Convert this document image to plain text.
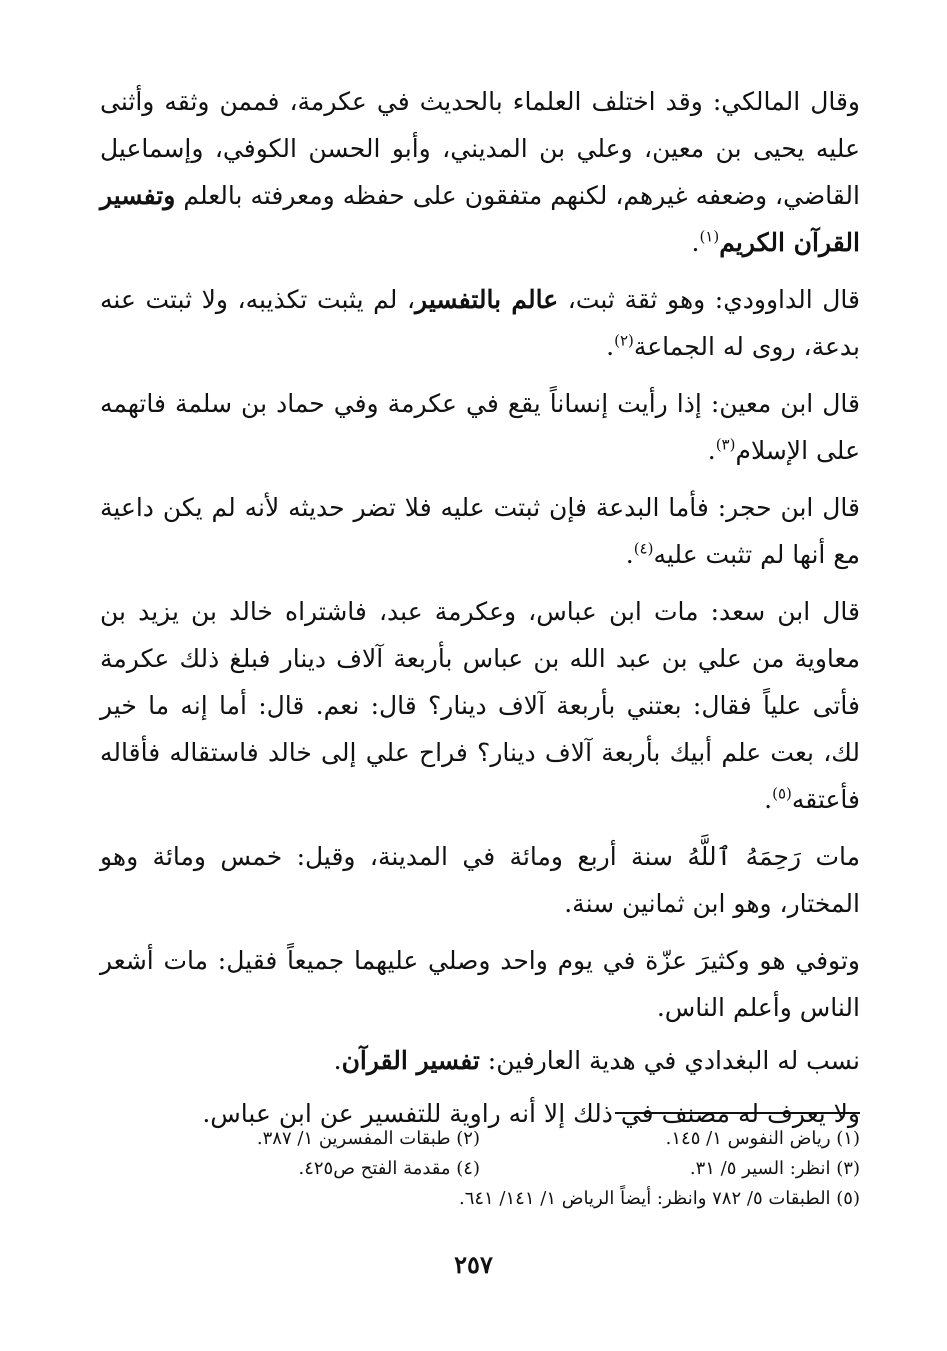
وقال المالكي: وقد اختلف العلماء بالحديث في عكرمة، فممن وثقه وأثنى عليه يحيى بن معين، وعلي بن المديني، وأبو الحسن الكوفي، وإسماعيل القاضي، وضعفه غيرهم، لكنهم متفقون على حفظه ومعرفته بالعلم وتفسير القرآن الكريم$^{(١)}$.

قال الداوودي: وهو ثقة ثبت، عالم بالتفسير، لم يثبت تكذيبه، ولا ثبتت عنه بدعة، روى له الجماعة$^{(٢)}$.

قال ابن معين: إذا رأيت إنساناً يقع في عكرمة وفي حماد بن سلمة فاتهمه على الإسلام$^{(٣)}$.

قال ابن حجر: فأما البدعة فإن ثبتت عليه فلا تضر حديثه لأنه لم يكن داعية مع أنها لم تثبت عليه$^{(٤)}$.

قال ابن سعد: مات ابن عباس، وعكرمة عبد، فاشتراه خالد بن يزيد بن معاوية من علي بن عبد الله بن عباس بأربعة آلاف دينار فبلغ ذلك عكرمة فأتى علياً فقال: بعتني بأربعة آلاف دينار؟ قال: نعم. قال: أما إنه ما خير لك، بعت علم أبيك بأربعة آلاف دينار؟ فراح علي إلى خالد فاستقاله فأقاله فأعتقه$^{(٥)}$.

مات رَحِمَهُ ٱللَّهُ سنة أربع ومائة في المدينة، وقيل: خمس ومائة وهو المختار، وهو ابن ثمانين سنة.

وتوفي هو وكثيرَ عزّة في يوم واحد وصلي عليهما جميعاً فقيل: مات أشعر الناس وأعلم الناس.

نسب له البغدادي في هدية العارفين: تفسير القرآن.

ولا يعرف له مصنف في ذلك إلا أنه راوية للتفسير عن ابن عباس.

(١) رياض النفوس ١/ ١٤٥.
(٢) طبقات المفسرين ١/ ٣٨٧.
(٣) انظر: السير ٥/ ٣١.
(٤) مقدمة الفتح ص٤٢٥.
(٥) الطبقات ٥/ ٧٨٢ وانظر: أيضاً الرياض ١/ ١٤١/ ٦٤١.
٢٥٧
